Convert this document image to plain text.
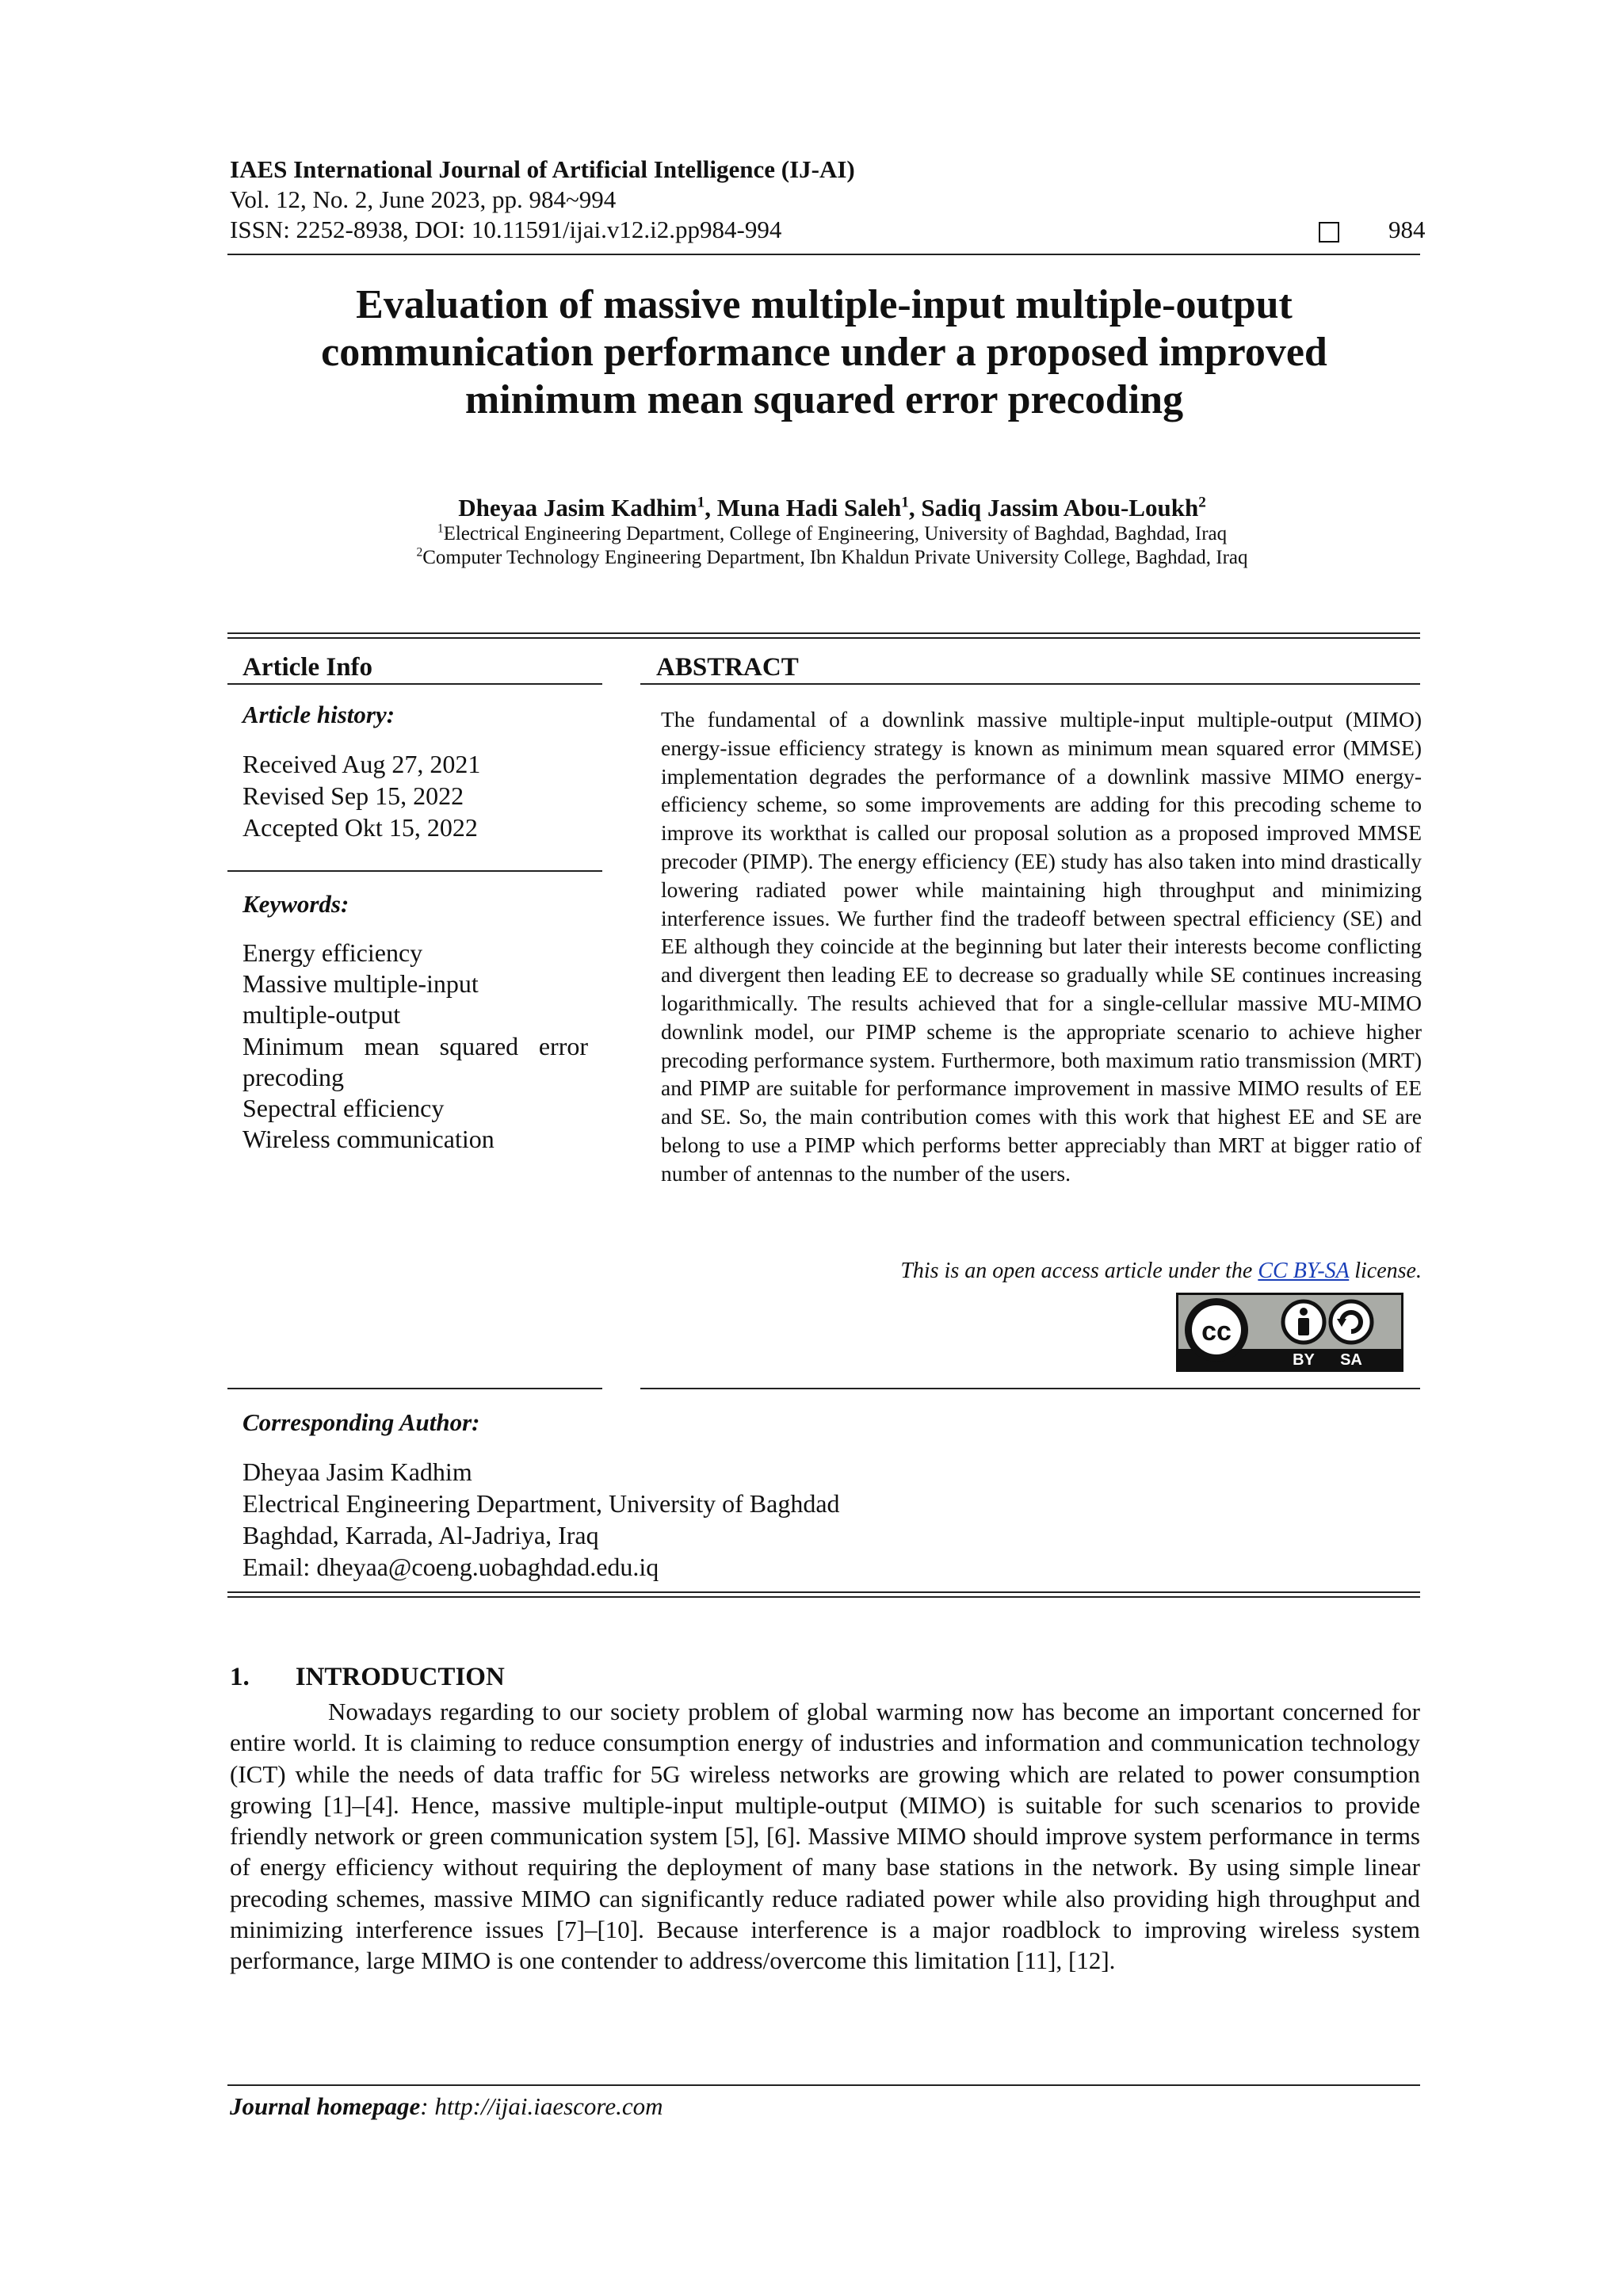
IAES International Journal of Artificial Intelligence (IJ-AI)
Vol. 12, No. 2, June 2023, pp. 984~994
ISSN: 2252-8938, DOI: 10.11591/ijai.v12.i2.pp984-994	984
Evaluation of massive multiple-input multiple-output
communication performance under a proposed improved
minimum mean squared error precoding
Dheyaa Jasim Kadhim$^1$, Muna Hadi Saleh$^1$, Sadiq Jassim Abou-Loukh$^2$
$^1$Electrical Engineering Department, College of Engineering, University of Baghdad, Baghdad, Iraq
$^2$Computer Technology Engineering Department, Ibn Khaldun Private University College, Baghdad, Iraq
Article Info	ABSTRACT
Article history:
Received Aug 27, 2021
Revised Sep 15, 2022
Accepted Okt 15, 2022
Keywords:
Energy efficiency
Massive multiple-input
multiple-output
Minimum mean squared error
precoding
Sepectral efficiency
Wireless communication
The fundamental of a downlink massive multiple-input multiple-output (MIMO) energy-issue efficiency strategy is known as minimum mean squared error (MMSE) implementation degrades the performance of a downlink massive MIMO energy-efficiency scheme, so some improvements are adding for this precoding scheme to improve its workthat is called our proposal solution as a proposed improved MMSE precoder (PIMP). The energy efficiency (EE) study has also taken into mind drastically lowering radiated power while maintaining high throughput and minimizing interference issues. We further find the tradeoff between spectral efficiency (SE) and EE although they coincide at the beginning but later their interests become conflicting and divergent then leading EE to decrease so gradually while SE continues increasing logarithmically. The results achieved that for a single-cellular massive MU-MIMO downlink model, our PIMP scheme is the appropriate scenario to achieve higher precoding performance system. Furthermore, both maximum ratio transmission (MRT) and PIMP are suitable for performance improvement in massive MIMO results of EE and SE. So, the main contribution comes with this work that highest EE and SE are belong to use a PIMP which performs better appreciably than MRT at bigger ratio of number of antennas to the number of the users.
This is an open access article under the CC BY-SA license.
cc
BY SA
Corresponding Author:
Dheyaa Jasim Kadhim
Electrical Engineering Department, University of Baghdad
Baghdad, Karrada, Al-Jadriya, Iraq
Email: dheyaa@coeng.uobaghdad.edu.iq
1. INTRODUCTION
Nowadays regarding to our society problem of global warming now has become an important concerned for entire world. It is claiming to reduce consumption energy of industries and information and communication technology (ICT) while the needs of data traffic for 5G wireless networks are growing which are related to power consumption growing [1]–[4]. Hence, massive multiple-input multiple-output (MIMO) is suitable for such scenarios to provide friendly network or green communication system [5], [6]. Massive MIMO should improve system performance in terms of energy efficiency without requiring the deployment of many base stations in the network. By using simple linear precoding schemes, massive MIMO can significantly reduce radiated power while also providing high throughput and minimizing interference issues [7]–[10]. Because interference is a major roadblock to improving wireless system performance, large MIMO is one contender to address/overcome this limitation [11], [12].
Journal homepage: http://ijai.iaescore.com
